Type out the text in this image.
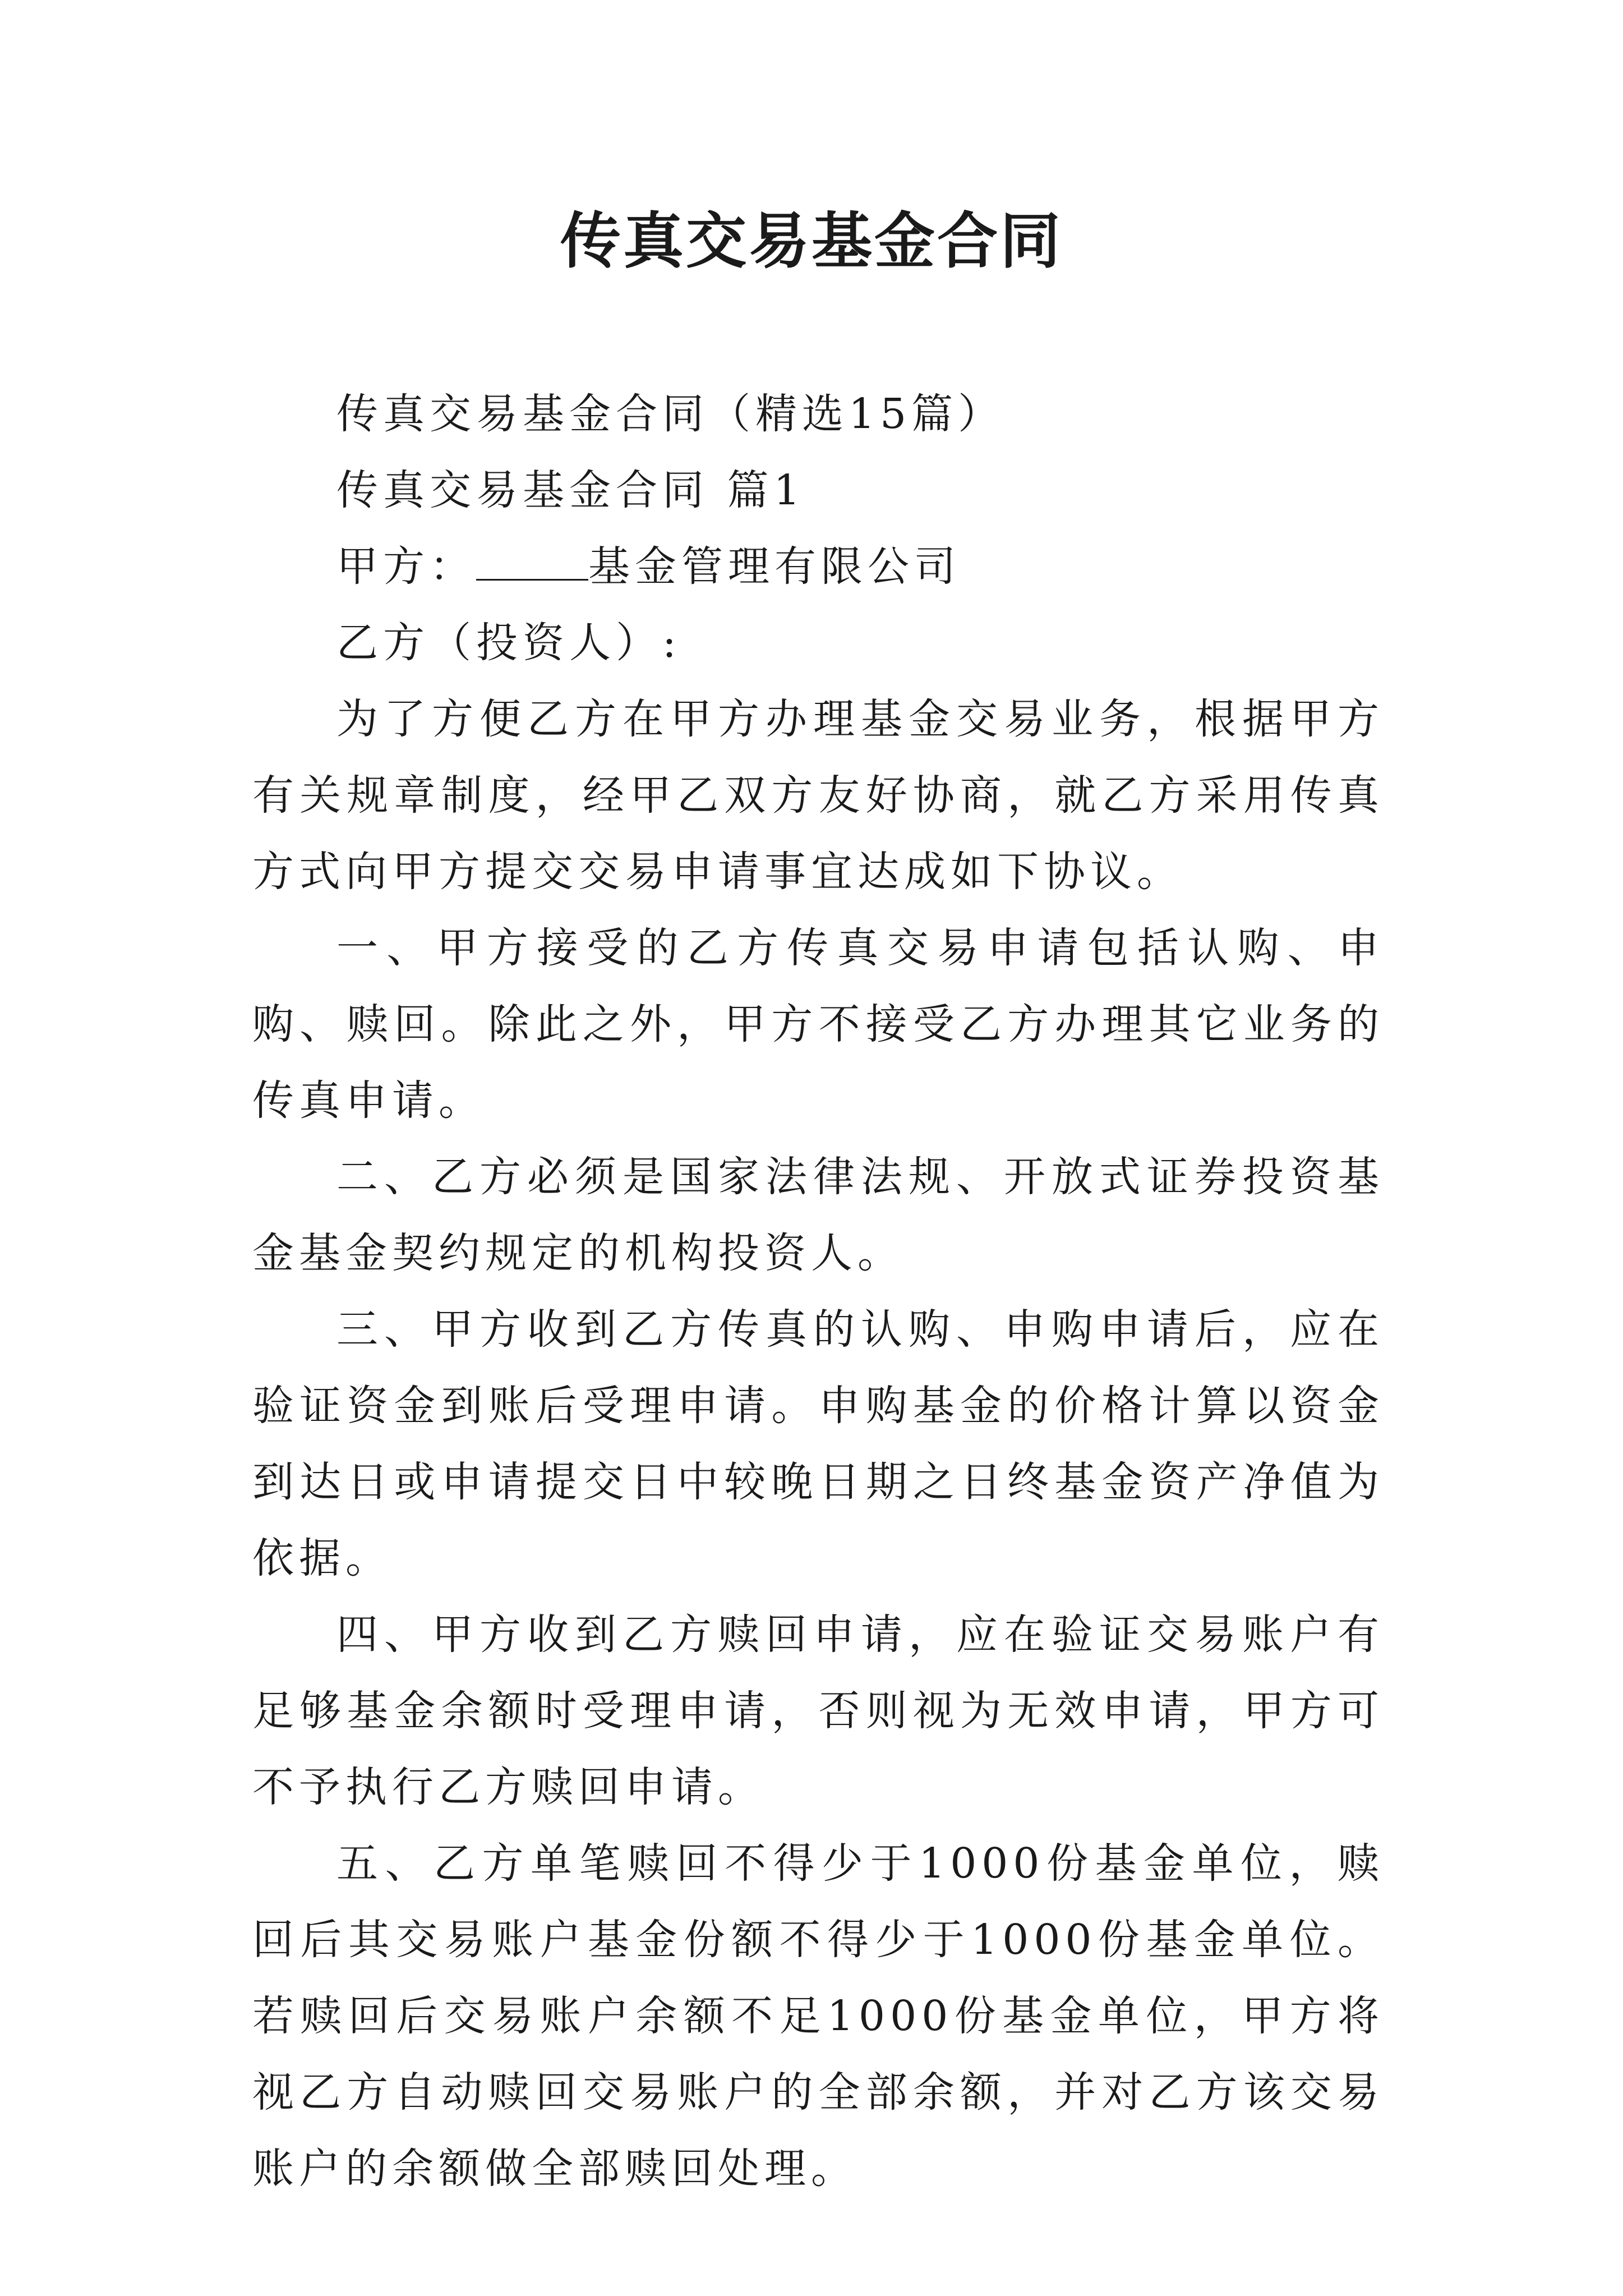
传真交易基金合同

传真交易基金合同（精选15篇）

传真交易基金合同 篇1

甲方：	基金管理有限公司

乙方（投资人）:

为了方便乙方在甲方办理基金交易业务，根据甲方有关规章制度，经甲乙双方友好协商，就乙方采用传真方式向甲方提交交易申请事宜达成如下协议。

一、甲方接受的乙方传真交易申请包括认购、申购、赎回。除此之外，甲方不接受乙方办理其它业务的传真申请。

二、乙方必须是国家法律法规、开放式证券投资基金基金契约规定的机构投资人。

三、甲方收到乙方传真的认购、申购申请后，应在验证资金到账后受理申请。申购基金的价格计算以资金到达日或申请提交日中较晚日期之日终基金资产净值为依据。

四、甲方收到乙方赎回申请，应在验证交易账户有足够基金余额时受理申请，否则视为无效申请，甲方可不予执行乙方赎回申请。

五、乙方单笔赎回不得少于1000份基金单位，赎回后其交易账户基金份额不得少于1000份基金单位。若赎回后交易账户余额不足1000份基金单位，甲方将视乙方自动赎回交易账户的全部余额，并对乙方该交易账户的余额做全部赎回处理。
